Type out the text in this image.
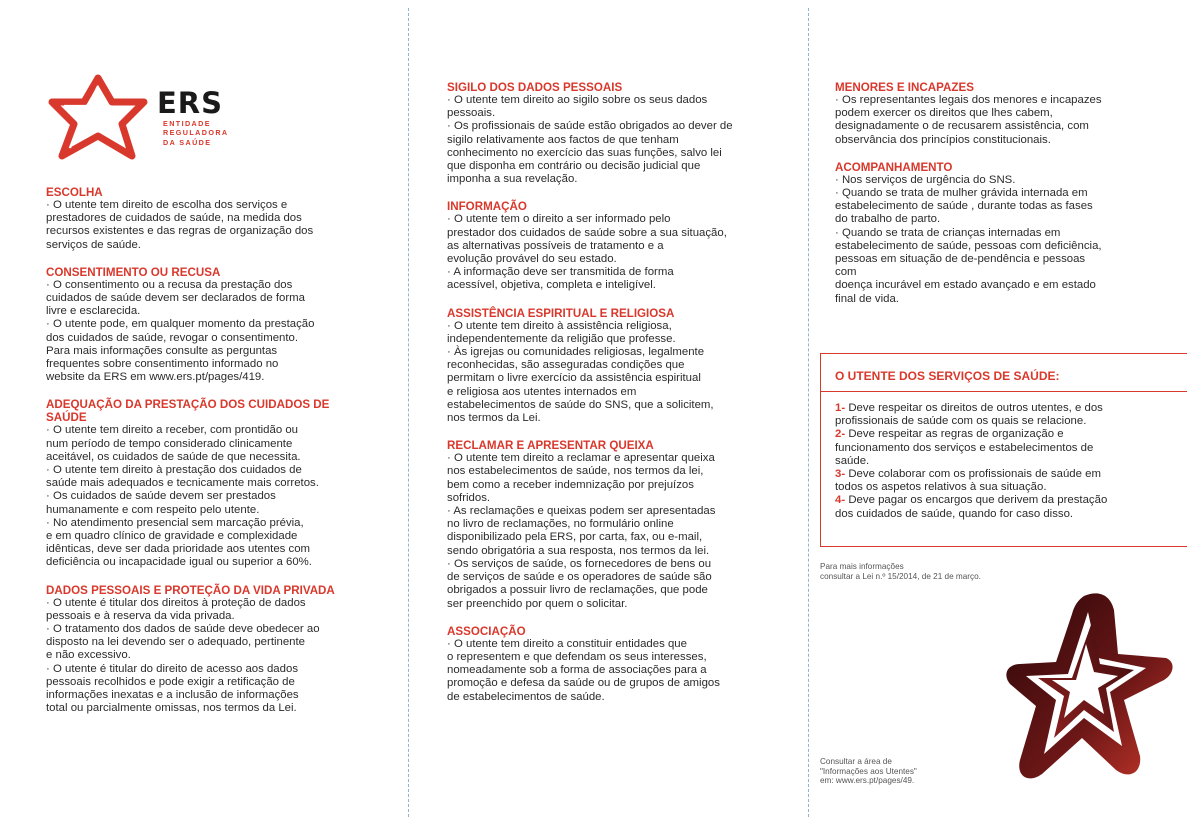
ERS
ENTIDADE
REGULADORA
DA SAÚDE
ESCOLHA

· O utente tem direito de escolha dos serviços e

prestadores de cuidados de saúde, na medida dos

recursos existentes e das regras de organização dos

serviços de saúde.

CONSENTIMENTO OU RECUSA

· O consentimento ou a recusa da prestação dos

cuidados de saúde devem ser declarados de forma

livre e esclarecida.

· O utente pode, em qualquer momento da prestação

dos cuidados de saúde, revogar o consentimento.

Para mais informações consulte as perguntas

frequentes sobre consentimento informado no

website da ERS em www.ers.pt/pages/419.

ADEQUAÇÃO DA PRESTAÇÃO DOS CUIDADOS DE SAÚDE

· O utente tem direito a receber, com prontidão ou

num período de tempo considerado clinicamente

aceitável, os cuidados de saúde de que necessita.

· O utente tem direito à prestação dos cuidados de

saúde mais adequados e tecnicamente mais corretos.

· Os cuidados de saúde devem ser prestados

humanamente e com respeito pelo utente.

· No atendimento presencial sem marcação prévia,

e em quadro clínico de gravidade e complexidade

idênticas, deve ser dada prioridade aos utentes com

deficiência ou incapacidade igual ou superior a 60%.

DADOS PESSOAIS E PROTEÇÃO DA VIDA PRIVADA

· O utente é titular dos direitos à proteção de dados

pessoais e à reserva da vida privada.

· O tratamento dos dados de saúde deve obedecer ao

disposto na lei devendo ser o adequado, pertinente

e não excessivo.

· O utente é titular do direito de acesso aos dados

pessoais recolhidos e pode exigir a retificação de

informações inexatas e a inclusão de informações

total ou parcialmente omissas, nos termos da Lei.

SIGILO DOS DADOS PESSOAIS

· O utente tem direito ao sigilo sobre os seus dados

pessoais.

· Os profissionais de saúde estão obrigados ao dever de

sigilo relativamente aos factos de que tenham

conhecimento no exercício das suas funções, salvo lei

que disponha em contrário ou decisão judicial que

imponha a sua revelação.

INFORMAÇÃO

· O utente tem o direito a ser informado pelo

prestador dos cuidados de saúde sobre a sua situação,

as alternativas possíveis de tratamento e a

evolução provável do seu estado.

· A informação deve ser transmitida de forma

acessível, objetiva, completa e inteligível.

ASSISTÊNCIA ESPIRITUAL E RELIGIOSA

· O utente tem direito à assistência religiosa,

independentemente da religião que professe.

· Às igrejas ou comunidades religiosas, legalmente

reconhecidas, são asseguradas condições que

permitam o livre exercício da assistência espiritual

e religiosa aos utentes internados em

estabelecimentos de saúde do SNS, que a solicitem,

nos termos da Lei.

RECLAMAR E APRESENTAR QUEIXA

· O utente tem direito a reclamar e apresentar queixa

nos estabelecimentos de saúde, nos termos da lei,

bem como a receber indemnização por prejuízos

sofridos.

· As reclamações e queixas podem ser apresentadas

no livro de reclamações, no formulário online

disponibilizado pela ERS, por carta, fax, ou e-mail,

sendo obrigatória a sua resposta, nos termos da lei.

· Os serviços de saúde, os fornecedores de bens ou

de serviços de saúde e os operadores de saúde são

obrigados a possuir livro de reclamações, que pode

ser preenchido por quem o solicitar.

ASSOCIAÇÃO

· O utente tem direito a constituir entidades que

o representem e que defendam os seus interesses,

nomeadamente sob a forma de associações para a

promoção e defesa da saúde ou de grupos de amigos

de estabelecimentos de saúde.

MENORES E INCAPAZES

· Os representantes legais dos menores e incapazes

podem exercer os direitos que lhes cabem,

designadamente o de recusarem assistência, com

observância dos princípios constitucionais.

ACOMPANHAMENTO

· Nos serviços de urgência do SNS.

· Quando se trata de mulher grávida internada em

estabelecimento de saúde , durante todas as fases

do trabalho de parto.

· Quando se trata de crianças internadas em

estabelecimento de saúde, pessoas com deficiência,

pessoas em situação de de-pendência e pessoas

com

doença incurável em estado avançado e em estado

final de vida.

O UTENTE DOS SERVIÇOS DE SAÚDE:
1- Deve respeitar os direitos de outros utentes, e dos
profissionais de saúde com os quais se relacione.
2- Deve respeitar as regras de organização e
funcionamento dos serviços e estabelecimentos de
saúde.
3- Deve colaborar com os profissionais de saúde em
todos os aspetos relativos à sua situação.
4- Deve pagar os encargos que derivem da prestação
dos cuidados de saúde, quando for caso disso.
Para mais informações
consultar a Lei n.º 15/2014, de 21 de março.
Consultar a área de
"Informações aos Utentes"
em: www.ers.pt/pages/49.
